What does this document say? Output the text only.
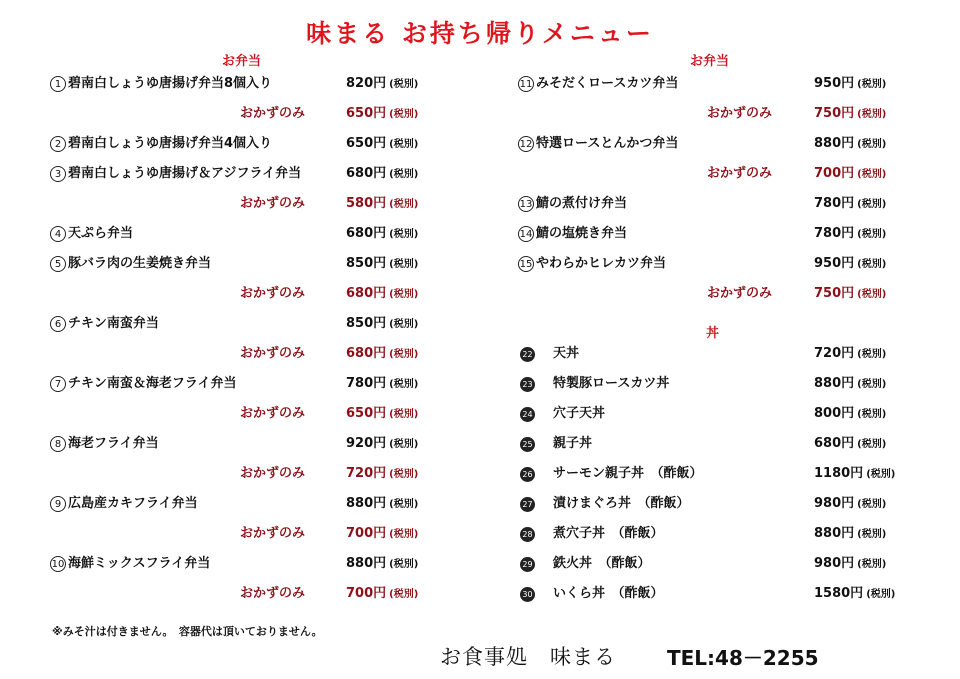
味まる お持ち帰りメニュー
お弁当	お弁当
丼
1 碧南白しょうゆ唐揚げ弁当8個入り	820円 (税別)
おかずのみ	650円 (税別)
2 碧南白しょうゆ唐揚げ弁当4個入り	650円 (税別)
3 碧南白しょうゆ唐揚げ＆アジフライ弁当	680円 (税別)
おかずのみ	580円 (税別)
4 天ぷら弁当	680円 (税別)
5 豚バラ肉の生姜焼き弁当	850円 (税別)
おかずのみ	680円 (税別)
6 チキン南蛮弁当	850円 (税別)
おかずのみ	680円 (税別)
7 チキン南蛮＆海老フライ弁当	780円 (税別)
おかずのみ	650円 (税別)
8 海老フライ弁当	920円 (税別)
おかずのみ	720円 (税別)
9 広島産カキフライ弁当	880円 (税別)
おかずのみ	700円 (税別)
10 海鮮ミックスフライ弁当	880円 (税別)
おかずのみ	700円 (税別)
11 みそだくロースカツ弁当	950円 (税別)
おかずのみ	750円 (税別)
12 特選ロースとんかつ弁当	880円 (税別)
おかずのみ	700円 (税別)
13 鯖の煮付け弁当	780円 (税別)
14 鯖の塩焼き弁当	780円 (税別)
15 やわらかヒレカツ弁当	950円 (税別)
おかずのみ	750円 (税別)
22 天丼	720円 (税別)
23 特製豚ロースカツ丼	880円 (税別)
24 穴子天丼	800円 (税別)
25 親子丼	680円 (税別)
26 サーモン親子丼　（酢飯）	1180円 (税別)
27 漬けまぐろ丼　（酢飯）	980円 (税別)
28 煮穴子丼　（酢飯）	880円 (税別)
29 鉄火丼　（酢飯）	980円 (税別)
30 いくら丼　（酢飯）	1580円 (税別)
※みそ汁は付きません。　容器代は頂いておりません。
お食事処　味まる	TEL:48－2255
